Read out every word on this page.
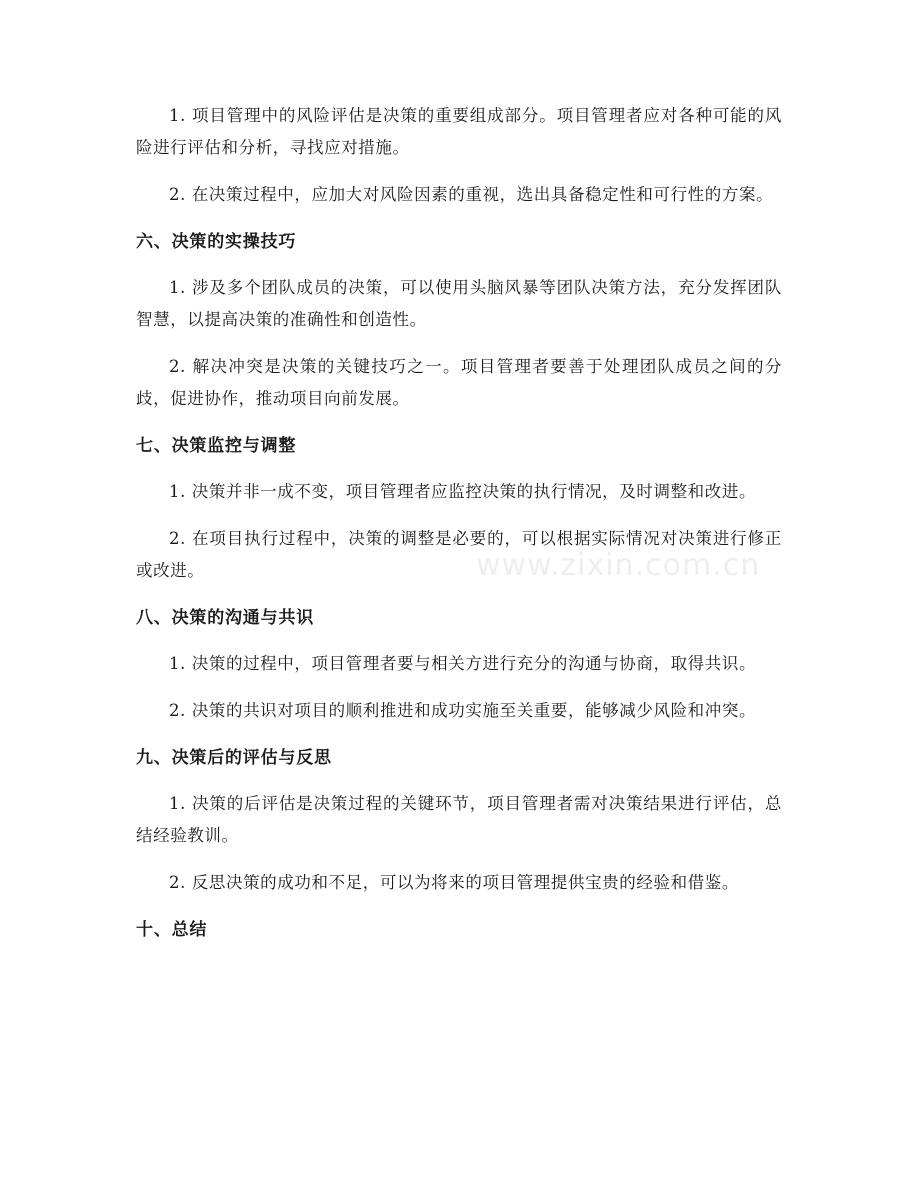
www.zixin.com.cn

1. 项目管理中的风险评估是决策的重要组成部分。项目管理者应对各种可能的风险进行评估和分析，寻找应对措施。

2. 在决策过程中，应加大对风险因素的重视，选出具备稳定性和可行性的方案。

六、决策的实操技巧

1. 涉及多个团队成员的决策，可以使用头脑风暴等团队决策方法，充分发挥团队智慧，以提高决策的准确性和创造性。

2. 解决冲突是决策的关键技巧之一。项目管理者要善于处理团队成员之间的分歧，促进协作，推动项目向前发展。

七、决策监控与调整

1. 决策并非一成不变，项目管理者应监控决策的执行情况，及时调整和改进。

2. 在项目执行过程中，决策的调整是必要的，可以根据实际情况对决策进行修正或改进。

八、决策的沟通与共识

1. 决策的过程中，项目管理者要与相关方进行充分的沟通与协商，取得共识。

2. 决策的共识对项目的顺利推进和成功实施至关重要，能够减少风险和冲突。

九、决策后的评估与反思

1. 决策的后评估是决策过程的关键环节，项目管理者需对决策结果进行评估，总结经验教训。

2. 反思决策的成功和不足，可以为将来的项目管理提供宝贵的经验和借鉴。

十、总结
